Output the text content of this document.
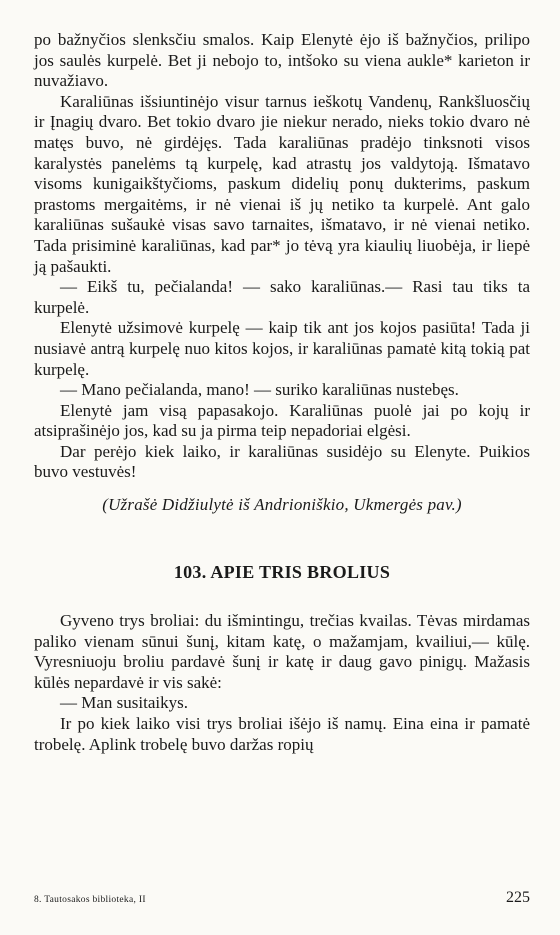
po bažnyčios slenksčiu smalos. Kaip Elenytė ėjo iš bažnyčios, prilipo jos saulės kurpelė. Bet ji nebojo to, intšoko su viena aukle* karieton ir nuvažiavo.

Karaliūnas išsiuntinėjo visur tarnus ieškotų Vandenų, Rankšluosčių ir Įnagių dvaro. Bet tokio dvaro jie niekur nerado, nieks tokio dvaro nė matęs buvo, nė girdėjęs. Tada karaliūnas pradėjo tinksnoti visos karalystės panelėms tą kurpelę, kad atrastų jos valdytoją. Išmatavo visoms kunigaikštyčioms, paskum didelių ponų dukterims, paskum prastoms mergaitėms, ir nė vienai iš jų netiko ta kurpelė. Ant galo karaliūnas sušaukė visas savo tarnaites, išmatavo, ir nė vienai netiko. Tada prisiminė karaliūnas, kad par* jo tėvą yra kiaulių liuobėja, ir liepė ją pašaukti.

— Eikš tu, pečialanda! — sako karaliūnas.— Rasi tau tiks ta kurpelė.

Elenytė užsimovė kurpelę — kaip tik ant jos kojos pasiūta! Tada ji nusiavė antrą kurpelę nuo kitos kojos, ir karaliūnas pamatė kitą tokią pat kurpelę.

— Mano pečialanda, mano! — suriko karaliūnas nustebęs.

Elenytė jam visą papasakojo. Karaliūnas puolė jai po kojų ir atsiprašinėjo jos, kad su ja pirma teip nepadoriai elgėsi.

Dar perėjo kiek laiko, ir karaliūnas susidėjo su Elenyte. Puikios buvo vestuvės!

(Užrašė Didžiulytė iš Andrioniškio, Ukmergės pav.)

103. APIE TRIS BROLIUS

Gyveno trys broliai: du išmintingu, trečias kvailas. Tėvas mirdamas paliko vienam sūnui šunį, kitam katę, o mažamjam, kvailiui,— kūlę. Vyresniuoju broliu pardavė šunį ir katę ir daug gavo pinigų. Mažasis kūlės nepardavė ir vis sakė:

— Man susitaikys.

Ir po kiek laiko visi trys broliai išėjo iš namų. Eina eina ir pamatė trobelę. Aplink trobelę buvo daržas ropių

8. Tautosakos biblioteka, II	225
